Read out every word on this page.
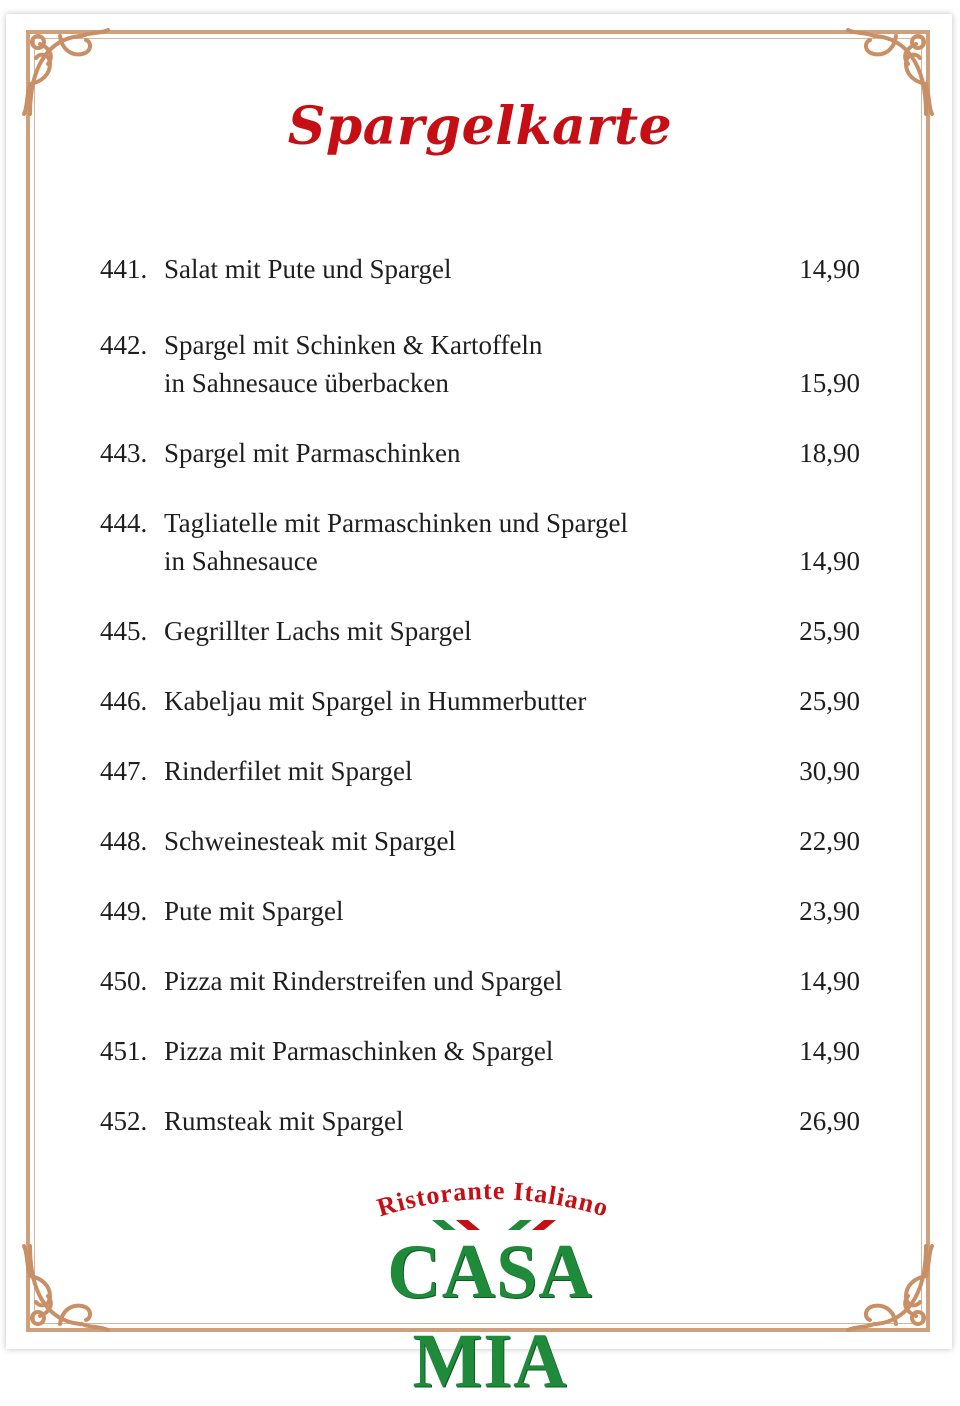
Spargelkarte
441. Salat mit Pute und Spargel	14,90
442. Spargel mit Schinken & Kartoffeln
in Sahnesauce überbacken	15,90
443. Spargel mit Parmaschinken	18,90
444. Tagliatelle mit Parmaschinken und Spargel
in Sahnesauce	14,90
445. Gegrillter Lachs mit Spargel	25,90
446. Kabeljau mit Spargel in Hummerbutter	25,90
447. Rinderfilet mit Spargel	30,90
448. Schweinesteak mit Spargel	22,90
449. Pute mit Spargel	23,90
450. Pizza mit Rinderstreifen und Spargel	14,90
451. Pizza mit Parmaschinken & Spargel	14,90
452. Rumsteak mit Spargel	26,90
Ristorante Italiano
CASA MIA
